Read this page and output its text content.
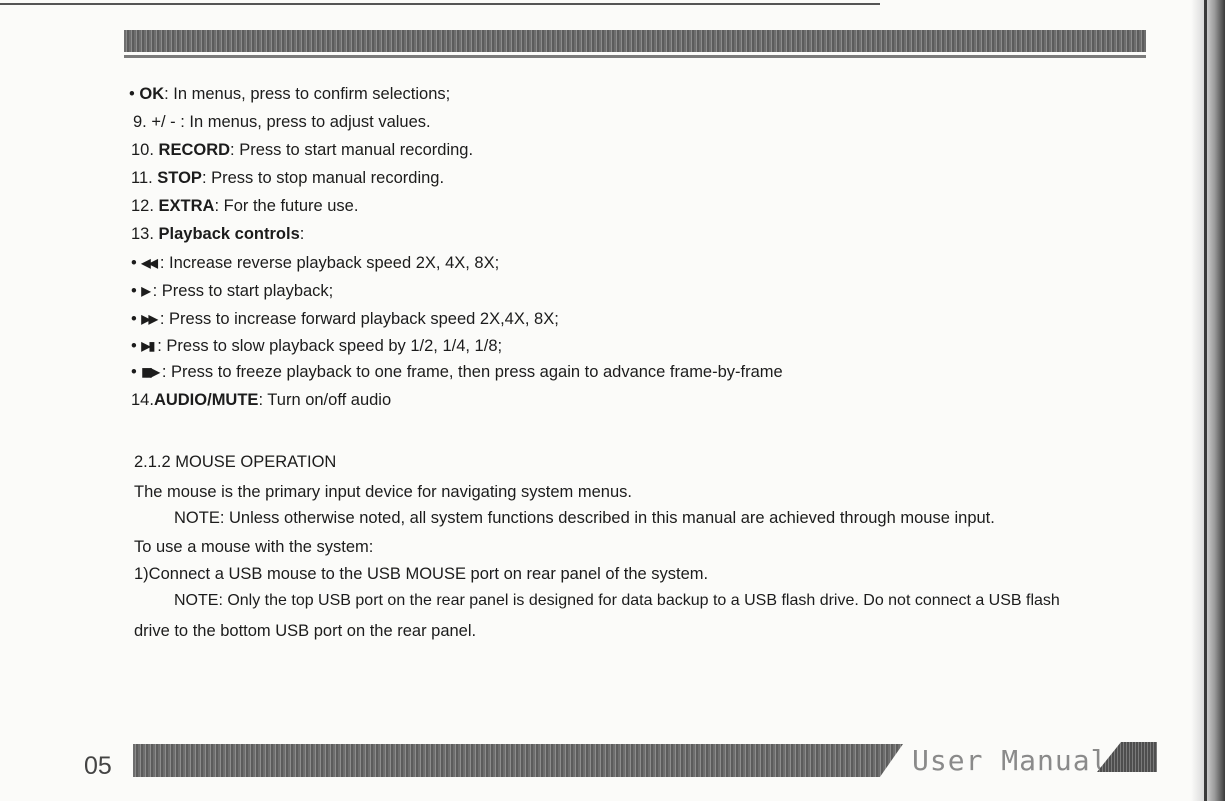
• OK: In menus, press to confirm selections;
9. +/ - : In menus, press to adjust values.
10. RECORD: Press to start manual recording.
11. STOP: Press to stop manual recording.
12. EXTRA: For the future use.
13. Playback controls:
• ◀◀ : Increase reverse playback speed 2X, 4X, 8X;
• ▶ : Press to start playback;
• ▶▶ : Press to increase forward playback speed 2X,4X, 8X;
• ▶▮ : Press to slow playback speed by 1/2, 1/4, 1/8;
• ▮▮▶ : Press to freeze playback to one frame, then press again to advance frame-by-frame
14.AUDIO/MUTE: Turn on/off audio
2.1.2 MOUSE OPERATION
The mouse is the primary input device for navigating system menus.
NOTE: Unless otherwise noted, all system functions described in this manual are achieved through mouse input.
To use a mouse with the system:
1)Connect a USB mouse to the USB MOUSE port on rear panel of the system.
NOTE: Only the top USB port on the rear panel is designed for data backup to a USB flash drive. Do not connect a USB flash
drive to the bottom USB port on the rear panel.
05	User Manual
